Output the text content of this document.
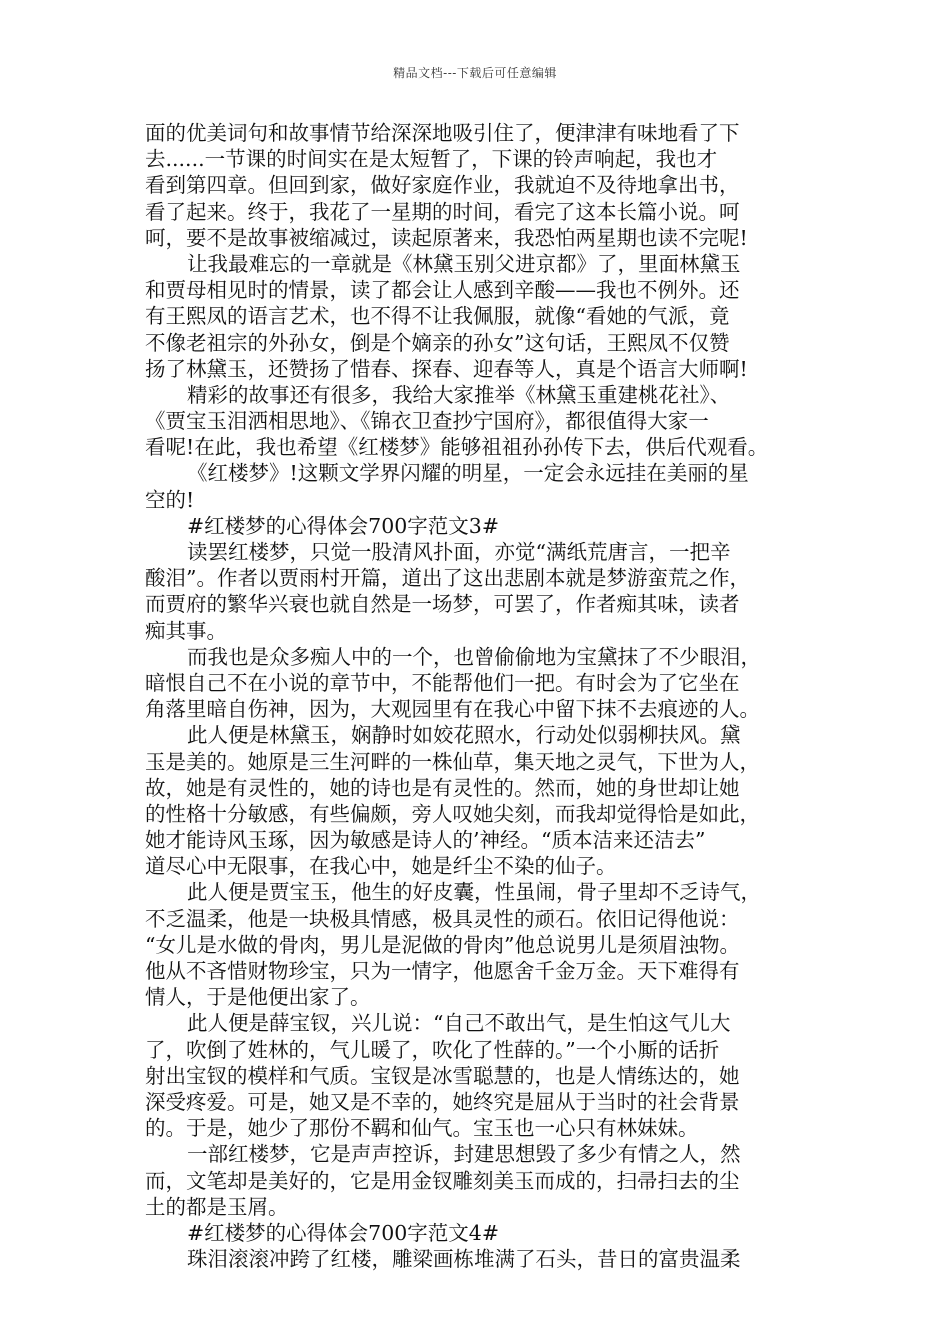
精品文档---下载后可任意编辑
面的优美词句和故事情节给深深地吸引住了，便津津有味地看了下
去......一节课的时间实在是太短暂了，下课的铃声响起，我也才
看到第四章。但回到家，做好家庭作业，我就迫不及待地拿出书，
看了起来。终于，我花了一星期的时间，看完了这本长篇小说。呵
呵，要不是故事被缩减过，读起原著来，我恐怕两星期也读不完呢!
让我最难忘的一章就是《林黛玉别父进京都》了，里面林黛玉
和贾母相见时的情景，读了都会让人感到辛酸——我也不例外。还
有王熙凤的语言艺术，也不得不让我佩服，就像“看她的气派，竟
不像老祖宗的外孙女，倒是个嫡亲的孙女”这句话，王熙凤不仅赞
扬了林黛玉，还赞扬了惜春、探春、迎春等人，真是个语言大师啊!
精彩的故事还有很多，我给大家推举《林黛玉重建桃花社》、
《贾宝玉泪洒相思地》、《锦衣卫查抄宁国府》，都很值得大家一
看呢!在此，我也希望《红楼梦》能够祖祖孙孙传下去，供后代观看。
《红楼梦》!这颗文学界闪耀的明星，一定会永远挂在美丽的星
空的!
#红楼梦的心得体会700字范文3#
读罢红楼梦，只觉一股清风扑面，亦觉“满纸荒唐言，一把辛
酸泪”。作者以贾雨村开篇，道出了这出悲剧本就是梦游蛮荒之作，
而贾府的繁华兴衰也就自然是一场梦，可罢了，作者痴其味，读者
痴其事。
而我也是众多痴人中的一个，也曾偷偷地为宝黛抹了不少眼泪，
暗恨自己不在小说的章节中，不能帮他们一把。有时会为了它坐在
角落里暗自伤神，因为，大观园里有在我心中留下抹不去痕迹的人。
此人便是林黛玉，娴静时如姣花照水，行动处似弱柳扶风。黛
玉是美的。她原是三生河畔的一株仙草，集天地之灵气，下世为人，
故，她是有灵性的，她的诗也是有灵性的。然而，她的身世却让她
的性格十分敏感，有些偏颇，旁人叹她尖刻，而我却觉得恰是如此，
她才能诗风玉琢，因为敏感是诗人的’神经。“质本洁来还洁去”
道尽心中无限事，在我心中，她是纤尘不染的仙子。
此人便是贾宝玉，他生的好皮囊，性虽闹，骨子里却不乏诗气，
不乏温柔，他是一块极具情感，极具灵性的顽石。依旧记得他说：
“女儿是水做的骨肉，男儿是泥做的骨肉”他总说男儿是须眉浊物。
他从不吝惜财物珍宝，只为一情字，他愿舍千金万金。天下难得有
情人，于是他便出家了。
此人便是薛宝钗，兴儿说：“自己不敢出气，是生怕这气儿大
了，吹倒了姓林的，气儿暖了，吹化了性薛的。”一个小厮的话折
射出宝钗的模样和气质。宝钗是冰雪聪慧的，也是人情练达的，她
深受疼爱。可是，她又是不幸的，她终究是屈从于当时的社会背景
的。于是，她少了那份不羁和仙气。宝玉也一心只有林妹妹。
一部红楼梦，它是声声控诉，封建思想毁了多少有情之人，然
而，文笔却是美好的，它是用金钗雕刻美玉而成的，扫帚扫去的尘
土的都是玉屑。
#红楼梦的心得体会700字范文4#
珠泪滚滚冲跨了红楼，雕梁画栋堆满了石头，昔日的富贵温柔
